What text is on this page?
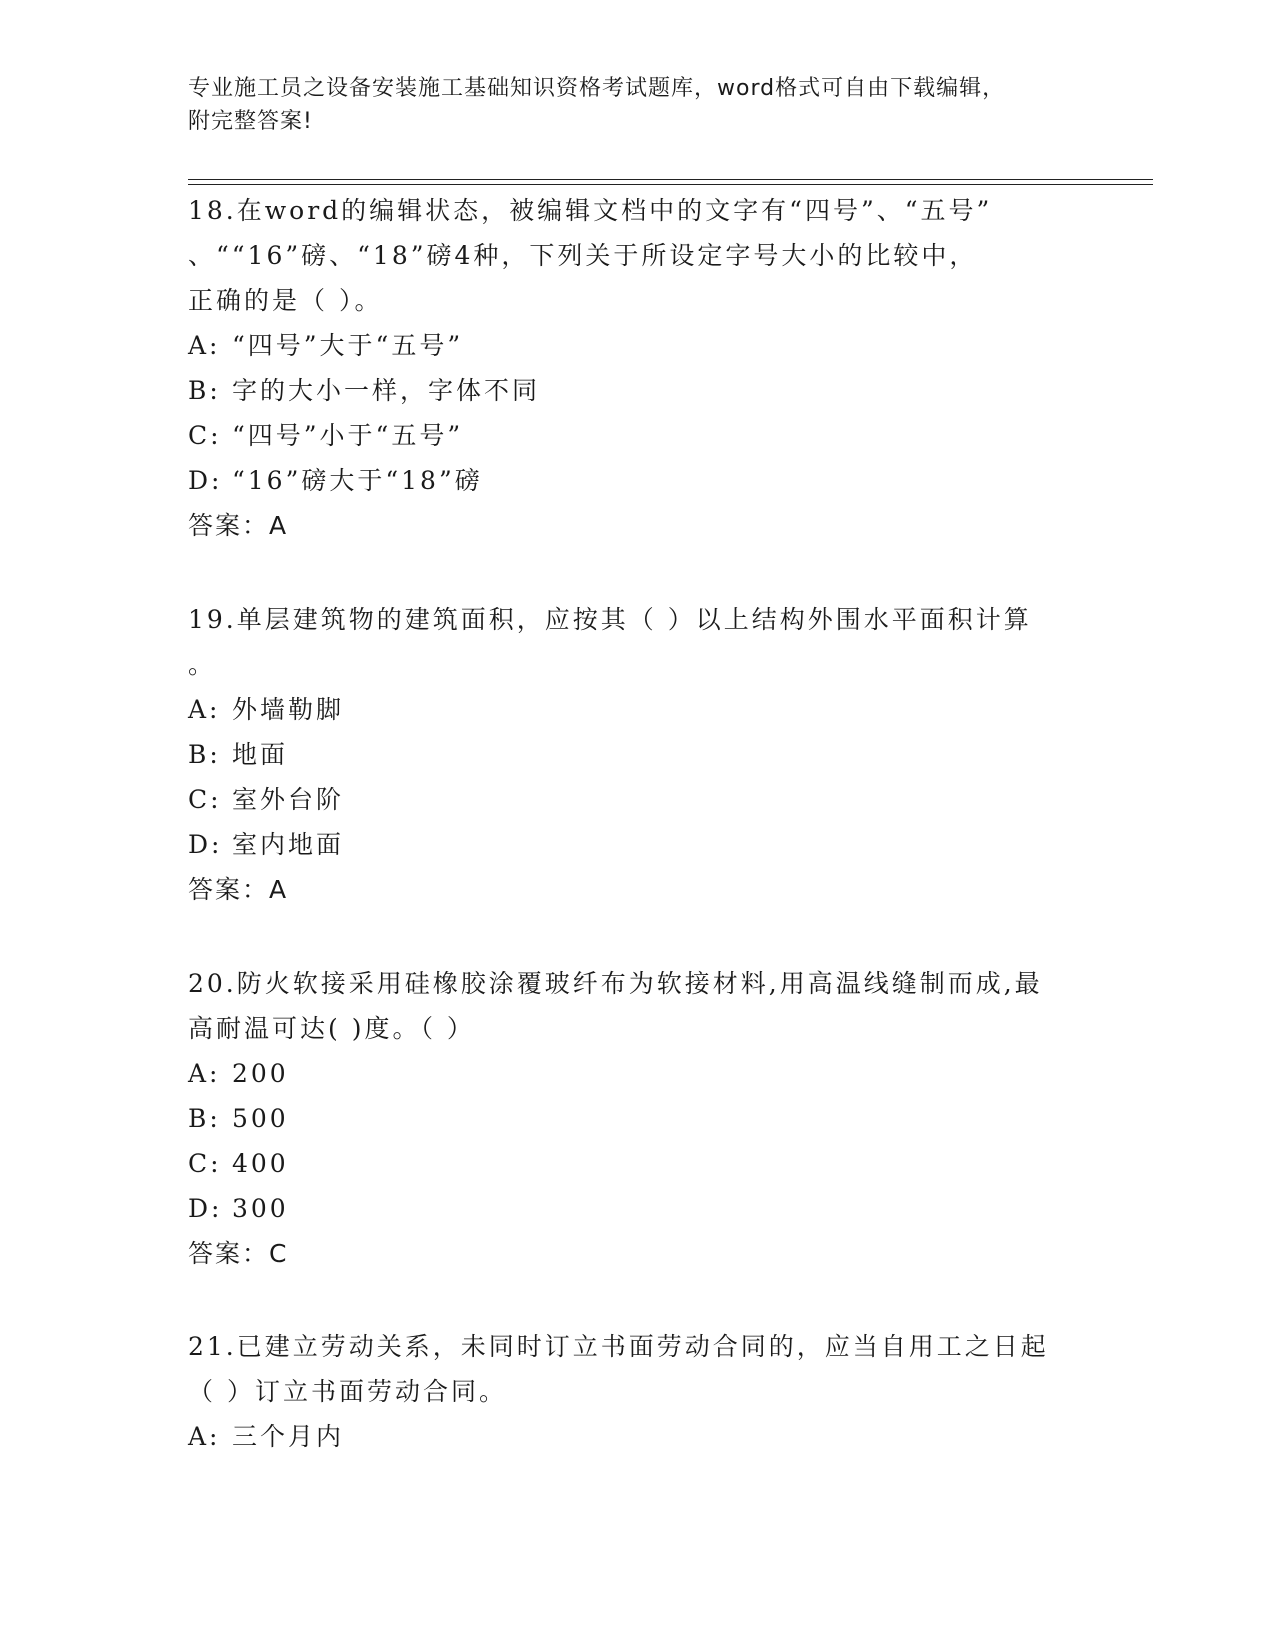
专业施工员之设备安装施工基础知识资格考试题库，word格式可自由下载编辑，
附完整答案!
18.在word的编辑状态，被编辑文档中的文字有“四号”、“五号”
、““16”磅、“18”磅4种，下列关于所设定字号大小的比较中，
正确的是（ ）。
A: “四号”大于“五号”
B: 字的大小一样，字体不同
C: “四号”小于“五号”
D: “16”磅大于“18”磅
答案：A
19.单层建筑物的建筑面积，应按其（ ）以上结构外围水平面积计算
。
A: 外墙勒脚
B: 地面
C: 室外台阶
D: 室内地面
答案：A
20.防火软接采用硅橡胶涂覆玻纤布为软接材料,用高温线缝制而成,最
高耐温可达( )度。（ ）
A: 200
B: 500
C: 400
D: 300
答案：C
21.已建立劳动关系，未同时订立书面劳动合同的，应当自用工之日起
（ ）订立书面劳动合同。
A: 三个月内
